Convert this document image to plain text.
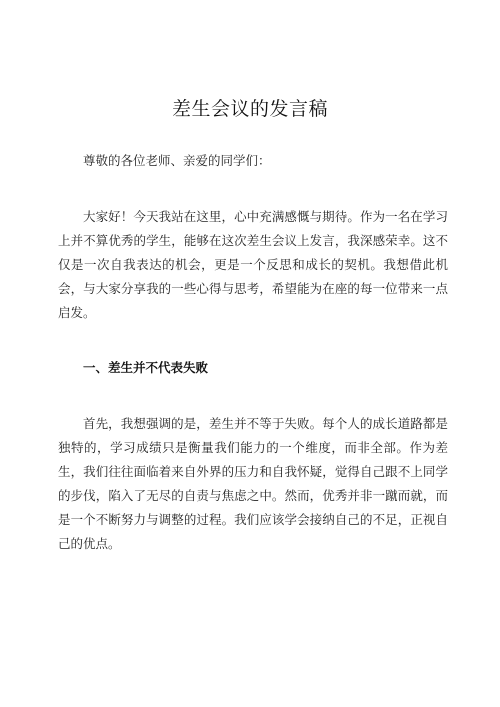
差生会议的发言稿

尊敬的各位老师、亲爱的同学们：

大家好！今天我站在这里，心中充满感慨与期待。作为一名在学习上并不算优秀的学生，能够在这次差生会议上发言，我深感荣幸。这不仅是一次自我表达的机会，更是一个反思和成长的契机。我想借此机会，与大家分享我的一些心得与思考，希望能为在座的每一位带来一点启发。

一、差生并不代表失败

首先，我想强调的是，差生并不等于失败。每个人的成长道路都是独特的，学习成绩只是衡量我们能力的一个维度，而非全部。作为差生，我们往往面临着来自外界的压力和自我怀疑，觉得自己跟不上同学的步伐，陷入了无尽的自责与焦虑之中。然而，优秀并非一蹴而就，而是一个不断努力与调整的过程。我们应该学会接纳自己的不足，正视自己的优点。
